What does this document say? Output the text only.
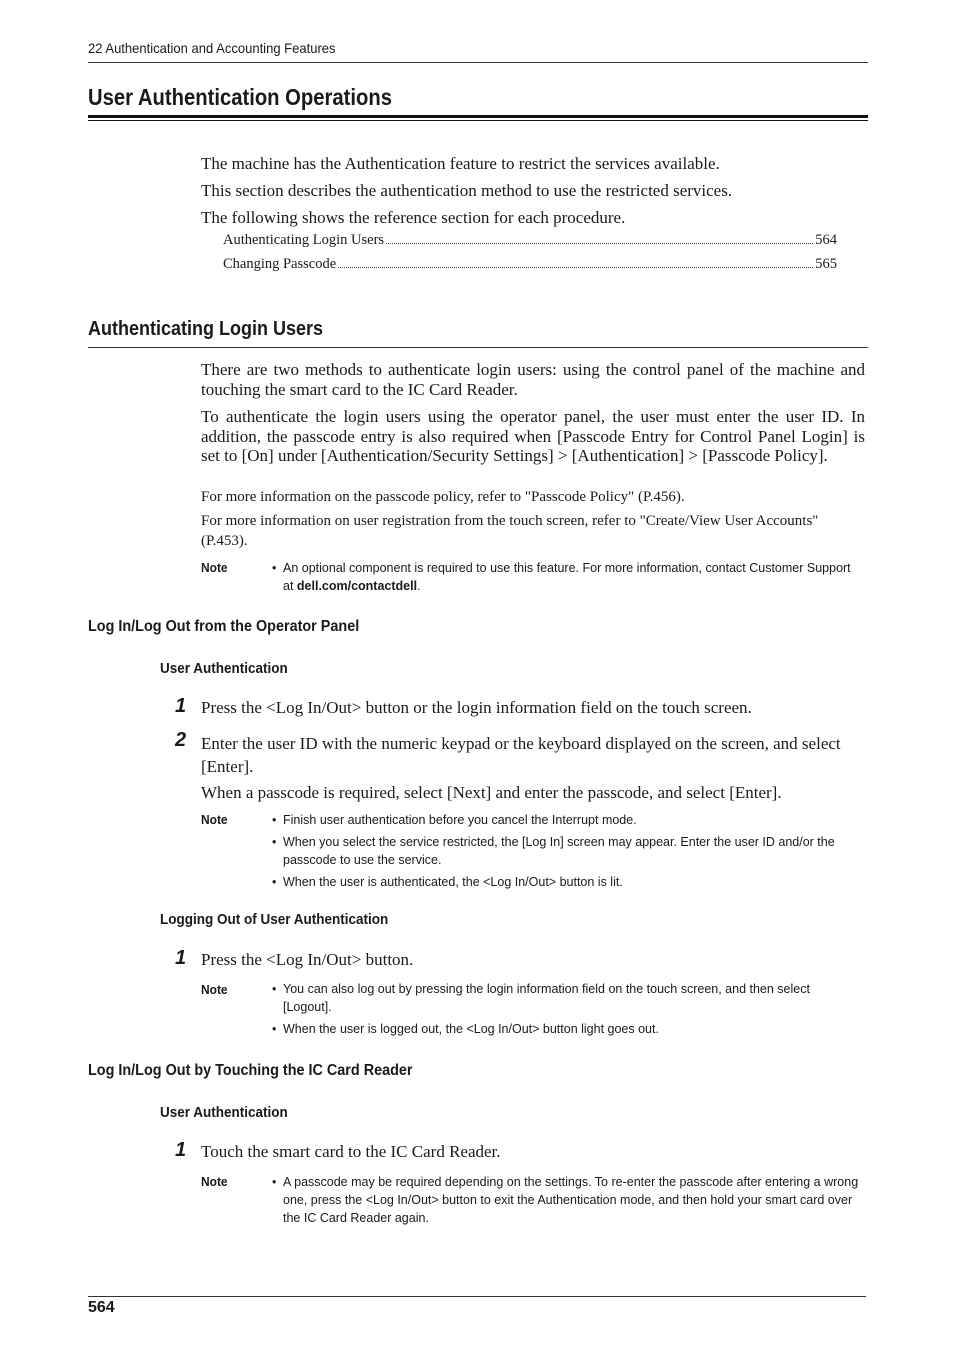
22 Authentication and Accounting Features
User Authentication Operations
The machine has the Authentication feature to restrict the services available.
This section describes the authentication method to use the restricted services.
The following shows the reference section for each procedure.
Authenticating Login Users	564
Changing Passcode	565
Authenticating Login Users
There are two methods to authenticate login users: using the control panel of the machine and touching the smart card to the IC Card Reader.
To authenticate the login users using the operator panel, the user must enter the user ID. In addition, the passcode entry is also required when [Passcode Entry for Control Panel Login] is set to [On] under [Authentication/Security Settings] > [Authentication] > [Passcode Policy].
For more information on the passcode policy, refer to "Passcode Policy" (P.456).
For more information on user registration from the touch screen, refer to "Create/View User Accounts" (P.453).
Note	• An optional component is required to use this feature. For more information, contact Customer Support at dell.com/contactdell.
Log In/Log Out from the Operator Panel
User Authentication
1 Press the <Log In/Out> button or the login information field on the touch screen.
2 Enter the user ID with the numeric keypad or the keyboard displayed on the screen, and select [Enter].
When a passcode is required, select [Next] and enter the passcode, and select [Enter].
Note	• Finish user authentication before you cancel the Interrupt mode.
• When you select the service restricted, the [Log In] screen may appear. Enter the user ID and/or the passcode to use the service.
• When the user is authenticated, the <Log In/Out> button is lit.
Logging Out of User Authentication
1 Press the <Log In/Out> button.
Note	• You can also log out by pressing the login information field on the touch screen, and then select [Logout].
• When the user is logged out, the <Log In/Out> button light goes out.
Log In/Log Out by Touching the IC Card Reader
User Authentication
1 Touch the smart card to the IC Card Reader.
Note	• A passcode may be required depending on the settings. To re-enter the passcode after entering a wrong one, press the <Log In/Out> button to exit the Authentication mode, and then hold your smart card over the IC Card Reader again.
564
